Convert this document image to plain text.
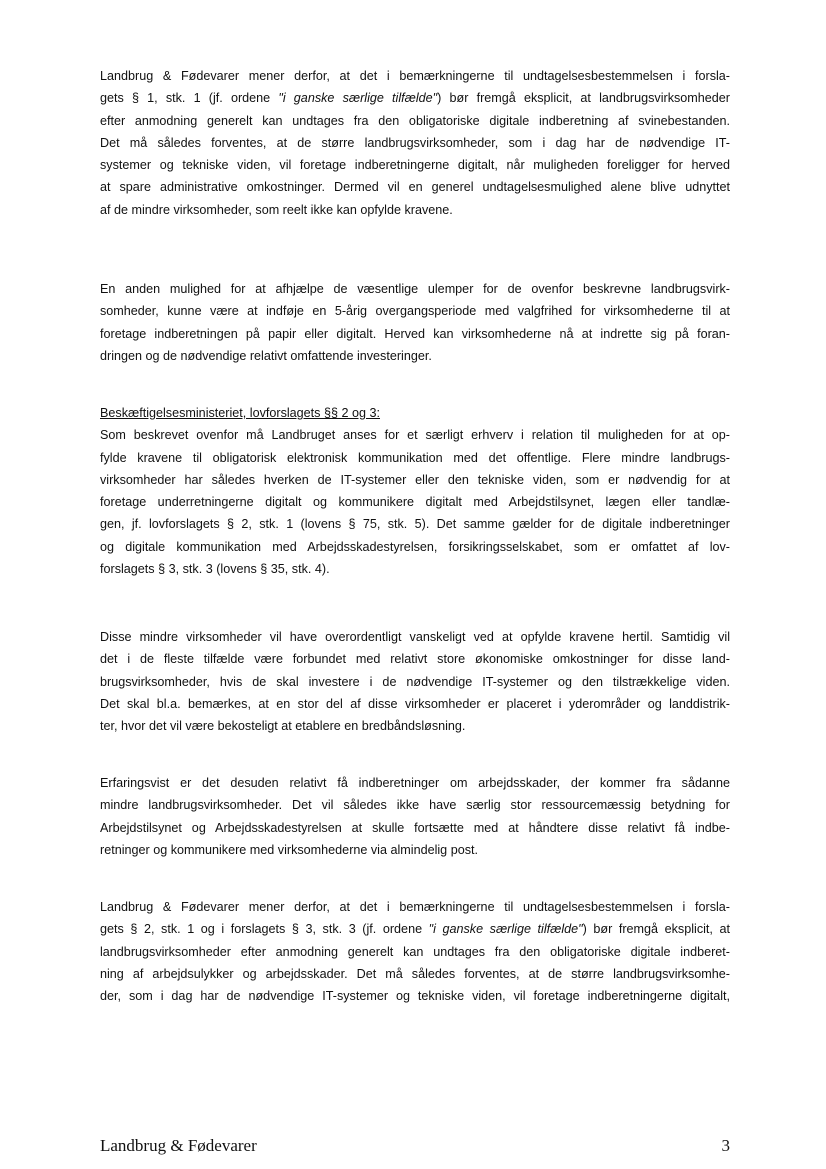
Landbrug & Fødevarer mener derfor, at det i bemærkningerne til undtagelsesbestemmelsen i forsla-
gets § 1, stk. 1 (jf. ordene "i ganske særlige tilfælde") bør fremgå eksplicit, at landbrugsvirksomheder
efter anmodning generelt kan undtages fra den obligatoriske digitale indberetning af svinebestanden.
Det må således forventes, at de større landbrugsvirksomheder, som i dag har de nødvendige IT-
systemer og tekniske viden, vil foretage indberetningerne digitalt, når muligheden foreligger for herved
at spare administrative omkostninger. Dermed vil en generel undtagelsesmulighed alene blive udnyttet
af de mindre virksomheder, som reelt ikke kan opfylde kravene.
En anden mulighed for at afhjælpe de væsentlige ulemper for de ovenfor beskrevne landbrugsvirk-
somheder, kunne være at indføje en 5-årig overgangsperiode med valgfrihed for virksomhederne til at
foretage indberetningen på papir eller digitalt. Herved kan virksomhederne nå at indrette sig på foran-
dringen og de nødvendige relativt omfattende investeringer.
Beskæftigelsesministeriet, lovforslagets §§ 2 og 3:
Som beskrevet ovenfor må Landbruget anses for et særligt erhverv i relation til muligheden for at op-
fylde kravene til obligatorisk elektronisk kommunikation med det offentlige. Flere mindre landbrugs-
virksomheder har således hverken de IT-systemer eller den tekniske viden, som er nødvendig for at
foretage underretningerne digitalt og kommunikere digitalt med Arbejdstilsynet, lægen eller tandlæ-
gen, jf. lovforslagets § 2, stk. 1 (lovens § 75, stk. 5). Det samme gælder for de digitale indberetninger
og digitale kommunikation med Arbejdsskadestyrelsen, forsikringsselskabet, som er omfattet af lov-
forslagets § 3, stk. 3 (lovens § 35, stk. 4).
Disse mindre virksomheder vil have overordentligt vanskeligt ved at opfylde kravene hertil. Samtidig vil
det i de fleste tilfælde være forbundet med relativt store økonomiske omkostninger for disse land-
brugsvirksomheder, hvis de skal investere i de nødvendige IT-systemer og den tilstrækkelige viden.
Det skal bl.a. bemærkes, at en stor del af disse virksomheder er placeret i yderområder og landdistrik-
ter, hvor det vil være bekosteligt at etablere en bredbåndsløsning.
Erfaringsvist er det desuden relativt få indberetninger om arbejdsskader, der kommer fra sådanne
mindre landbrugsvirksomheder. Det vil således ikke have særlig stor ressourcemæssig betydning for
Arbejdstilsynet og Arbejdsskadestyrelsen at skulle fortsætte med at håndtere disse relativt få indbe-
retninger og kommunikere med virksomhederne via almindelig post.
Landbrug & Fødevarer mener derfor, at det i bemærkningerne til undtagelsesbestemmelsen i forsla-
gets § 2, stk. 1 og i forslagets § 3, stk. 3 (jf. ordene "i ganske særlige tilfælde") bør fremgå eksplicit, at
landbrugsvirksomheder efter anmodning generelt kan undtages fra den obligatoriske digitale indberet-
ning af arbejdsulykker og arbejdsskader. Det må således forventes, at de større landbrugsvirksomhe-
der, som i dag har de nødvendige IT-systemer og tekniske viden, vil foretage indberetningerne digitalt,
Landbrug & Fødevarer	3
